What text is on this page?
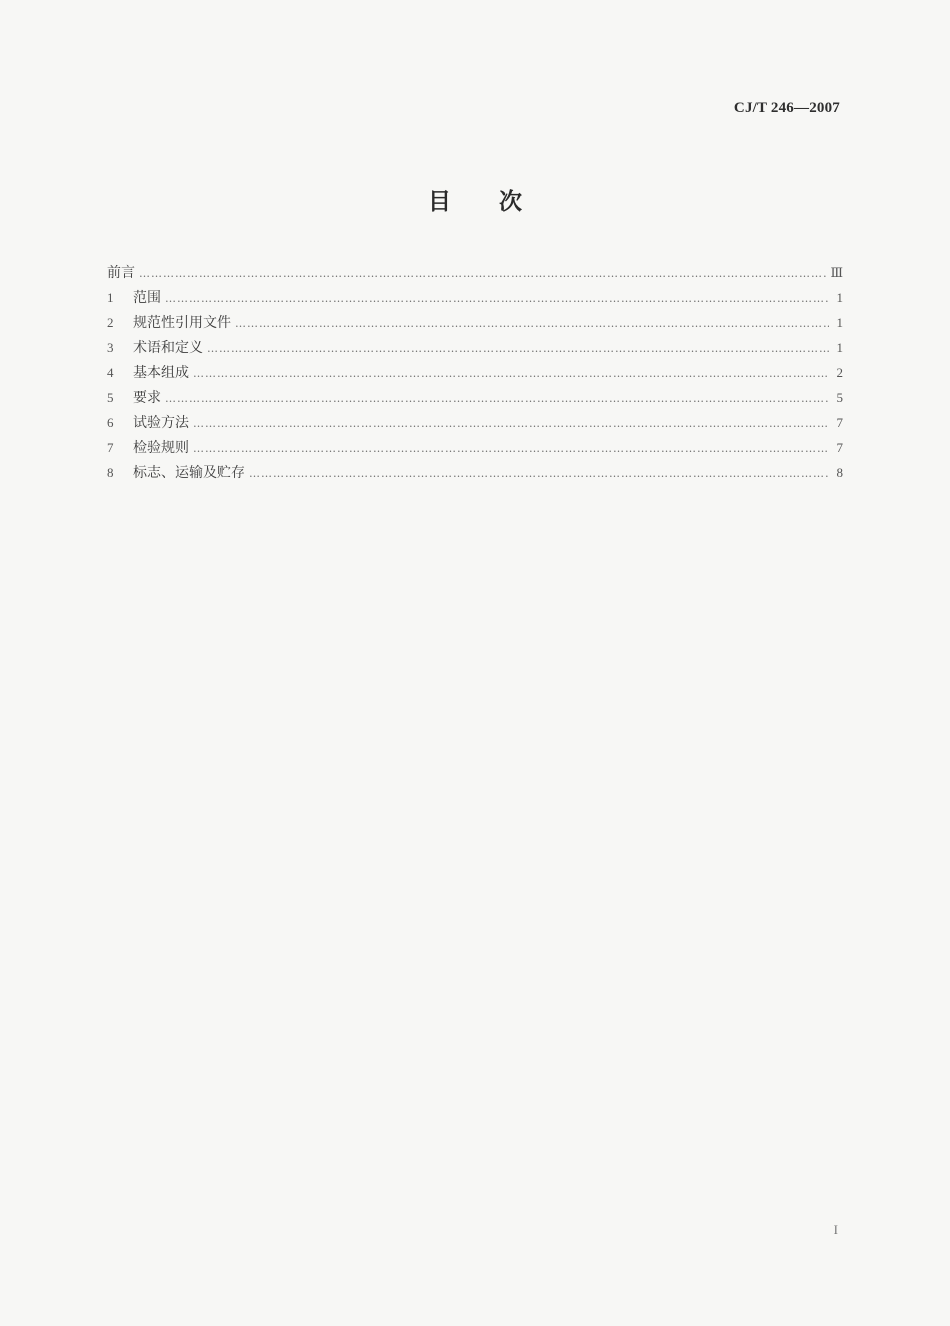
CJ/T 246—2007
目次
前言 …………………………………………………………………………………………………………………………………………………………………………………………………………………	Ⅲ
1	范围 …………………………………………………………………………………………………………………………………………………………………………………………………………………	1
2	规范性引用文件 …………………………………………………………………………………………………………………………………………………………………………………………………………………	1
3	术语和定义 …………………………………………………………………………………………………………………………………………………………………………………………………………………	1
4	基本组成 …………………………………………………………………………………………………………………………………………………………………………………………………………………	2
5	要求 …………………………………………………………………………………………………………………………………………………………………………………………………………………	5
6	试验方法 …………………………………………………………………………………………………………………………………………………………………………………………………………………	7
7	检验规则 …………………………………………………………………………………………………………………………………………………………………………………………………………………	7
8	标志、运输及贮存 …………………………………………………………………………………………………………………………………………………………………………………………………………………	8
I
